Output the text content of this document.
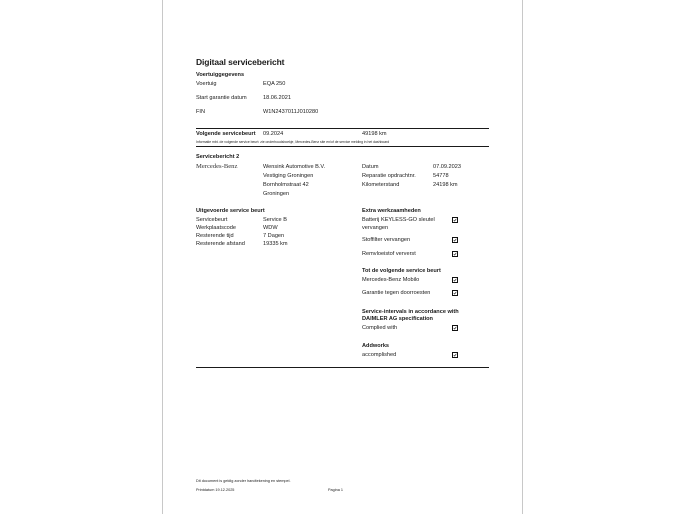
Digitaal servicebericht
Voertuiggegevens
Voertuig	EQA 250
Start garantie datum	18.06.2021
FIN	W1N2437011J010280
Volgende servicebeurt 09.2024	49198 km
Informatie mbt. de volgende service beurt: zie onderhoudsboekje, Mercedes-Benz site en/of de service melding in het dashboard
Servicebericht 2
Mercedes-Benz	Wensink Automotive B.V.
Vestiging Groningen
Bornholmstraat 42
Groningen
Datum	07.09.2023
Reparatie opdrachtnr.	54778
Kilometerstand	24198 km
Uitgevoerde service beurt
Servicebeurt	Service B
Werkplaatscode	WDW
Resterende tijd	7 Dagen
Resterende afstand	19335 km
Extra werkzaamheden
Batterij KEYLESS-GO sleutel
vervangen
Stoffilter vervangen
Remvloeistof ververst
Tot de volgende service beurt
Mercedes-Benz Mobilo
Garantie tegen doorroesten
Service-intervals in accordance with
DAIMLER AG specification
Complied with
Addworks
accomplished
Dit document is geldig zonder handtekening en stempel.
Printdatum 19.12.2025	Pagina 1
